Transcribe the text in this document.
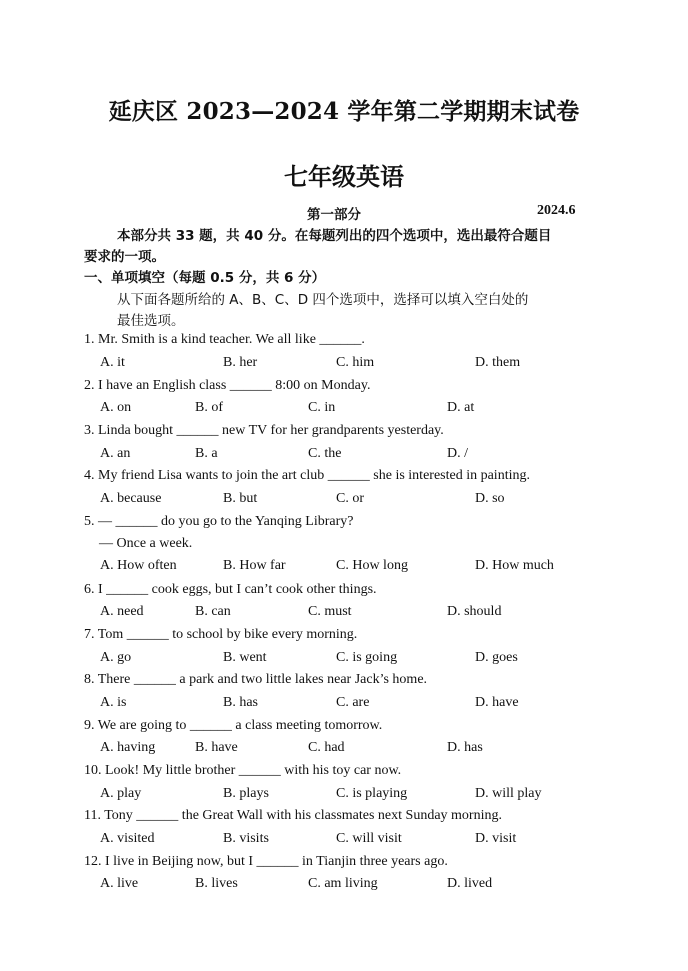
延庆区 2023—2024 学年第二学期期末试卷
七年级英语
第一部分	2024.6
本部分共 33 题，共 40 分。在每题列出的四个选项中，选出最符合题目
要求的一项。
一、单项填空（每题 0.5 分，共 6 分）
从下面各题所给的 A、B、C、D 四个选项中，选择可以填入空白处的
最佳选项。
1. Mr. Smith is a kind teacher. We all like ______.
A. it	B. her	C. him	D. them
2. I have an English class ______ 8:00 on Monday.
A. on	B. of	C. in	D. at
3. Linda bought ______ new TV for her grandparents yesterday.
A. an	B. a	C. the	D. /
4. My friend Lisa wants to join the art club ______ she is interested in painting.
A. because	B. but	C. or	D. so
5. — ______ do you go to the Yanqing Library?
— Once a week.
A. How often	B. How far	C. How long	D. How much
6. I ______ cook eggs, but I can’t cook other things.
A. need	B. can	C. must	D. should
7. Tom ______ to school by bike every morning.
A. go	B. went	C. is going	D. goes
8. There ______ a park and two little lakes near Jack’s home.
A. is	B. has	C. are	D. have
9. We are going to ______ a class meeting tomorrow.
A. having	B. have	C. had	D. has
10. Look! My little brother ______ with his toy car now.
A. play	B. plays	C. is playing	D. will play
11. Tony ______ the Great Wall with his classmates next Sunday morning.
A. visited	B. visits	C. will visit	D. visit
12. I live in Beijing now, but I ______ in Tianjin three years ago.
A. live	B. lives	C. am living	D. lived
